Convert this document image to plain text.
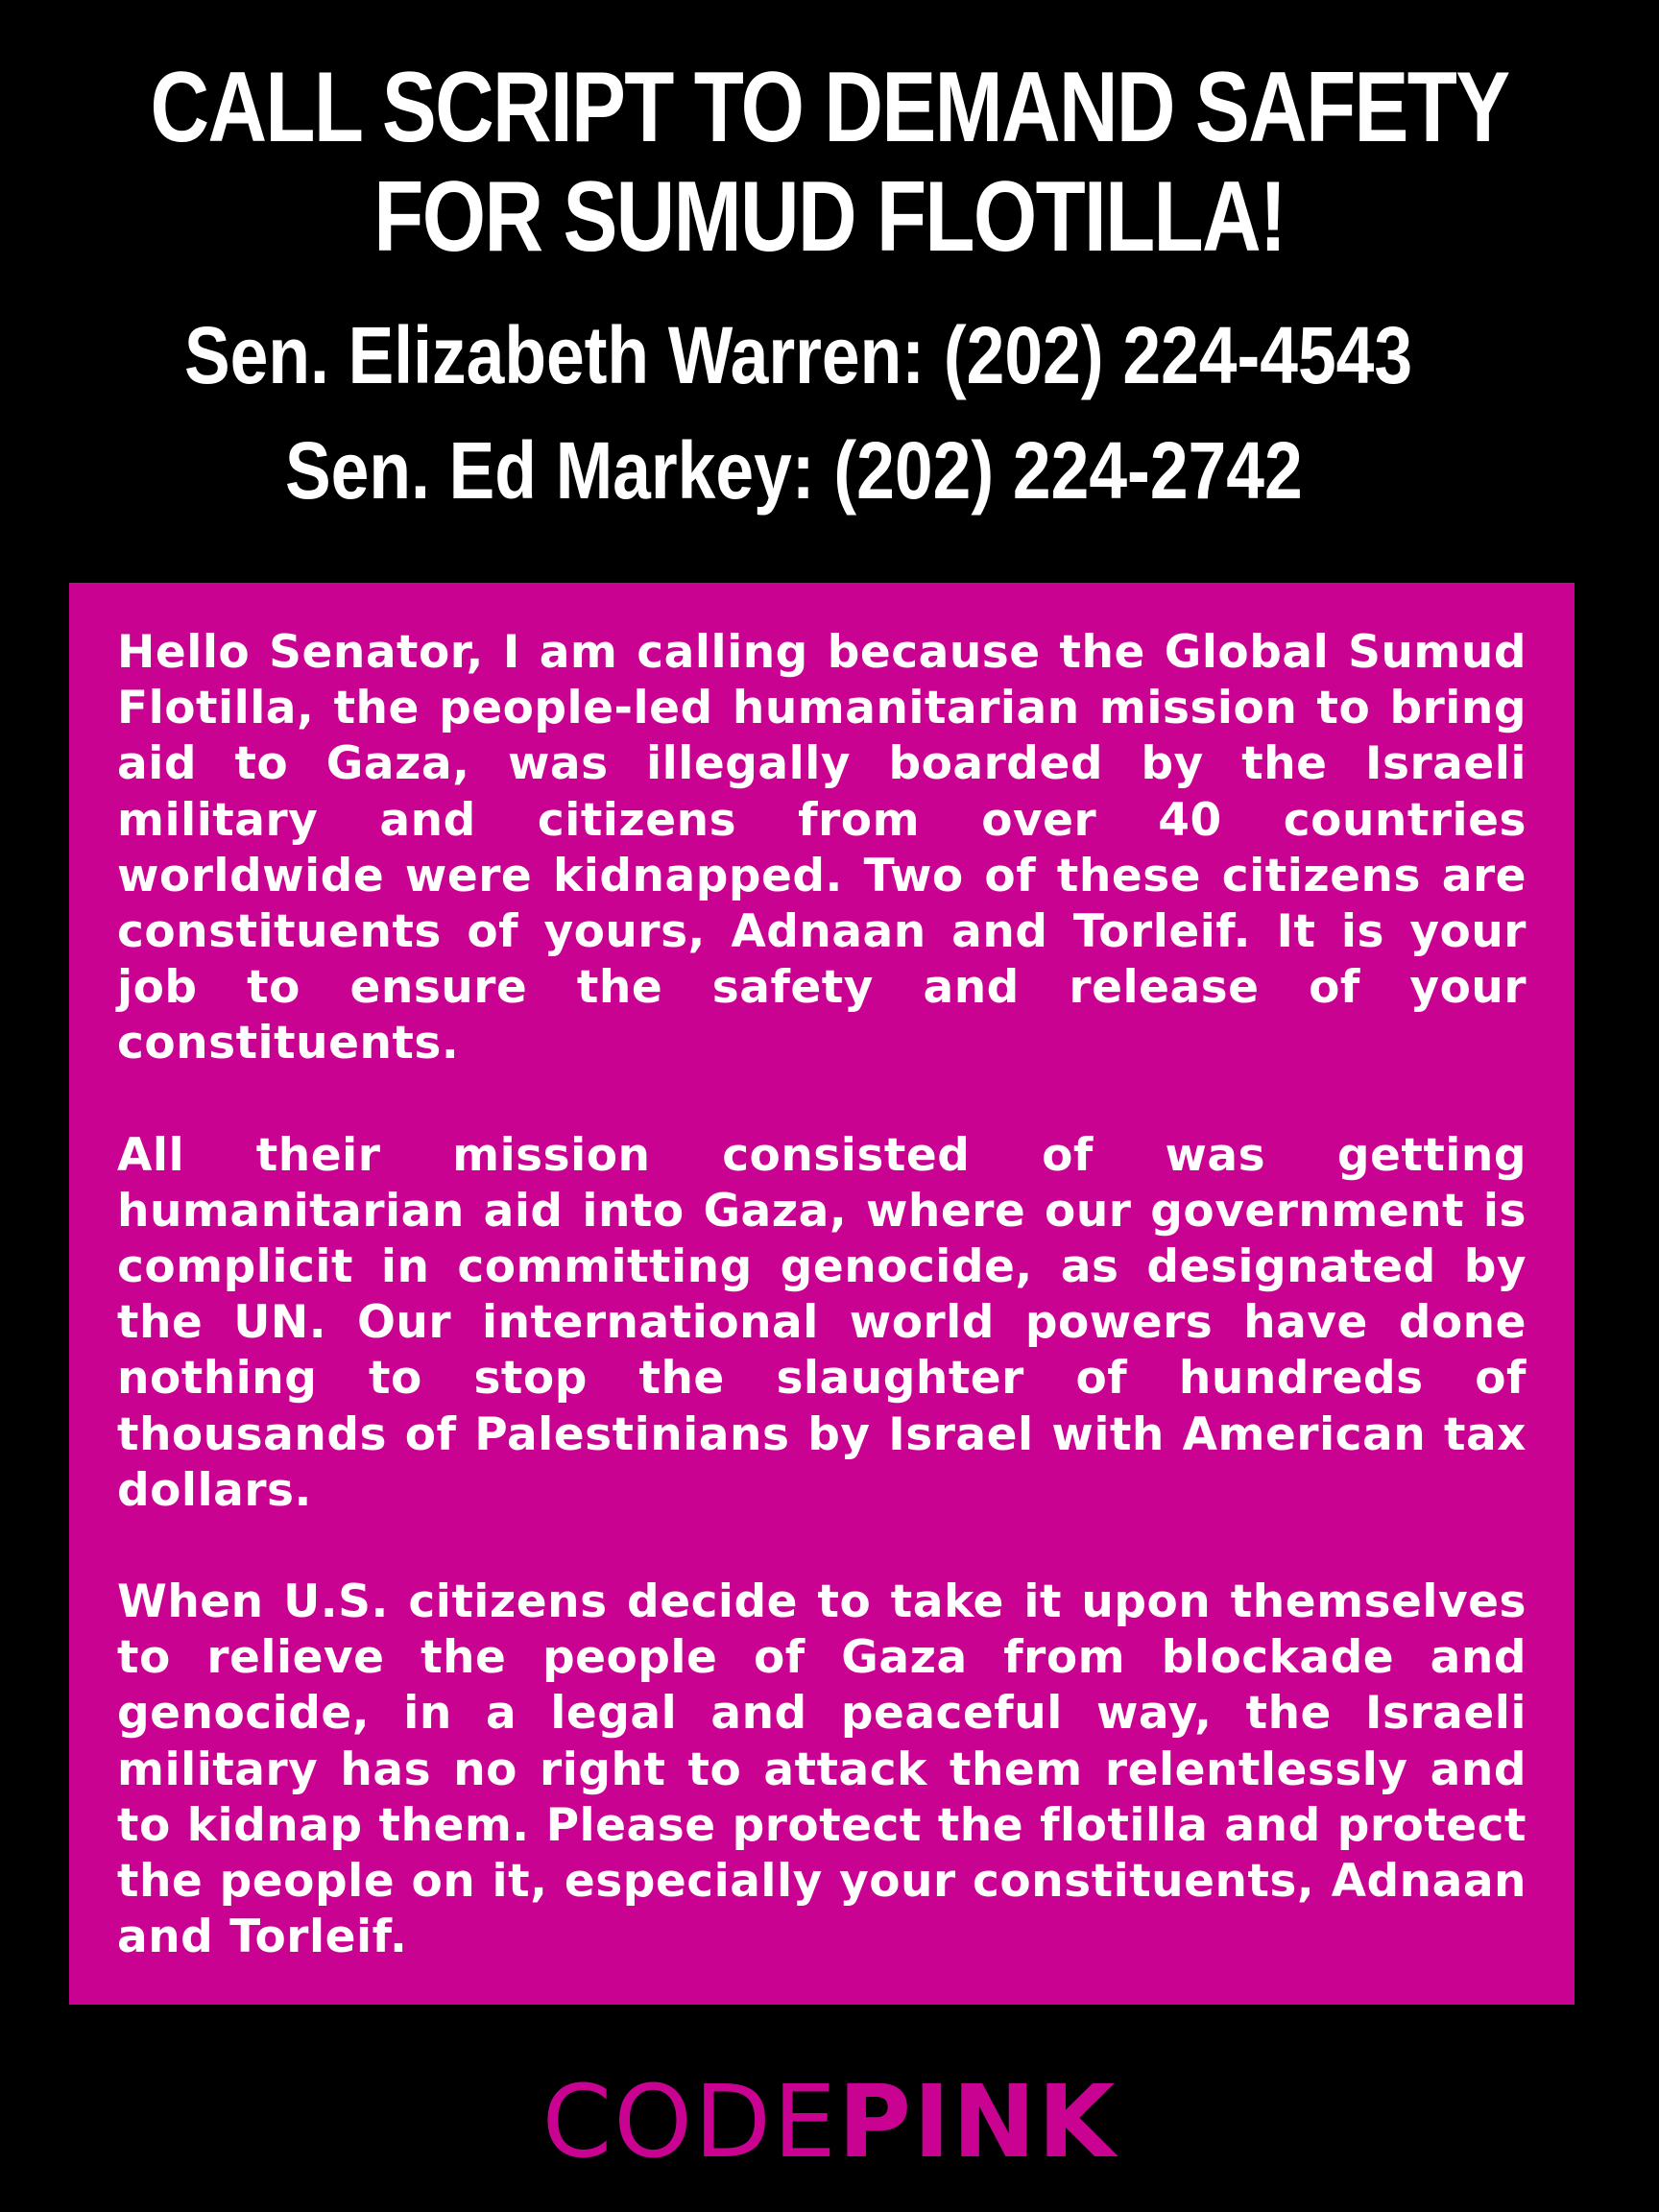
CALL SCRIPT TO DEMAND SAFETY
FOR SUMUD FLOTILLA!
Sen. Elizabeth Warren: (202) 224-4543
Sen. Ed Markey: (202) 224-2742

Hello Senator, I am calling because the Global Sumud Flotilla, the people-led humanitarian mission to bring aid to Gaza, was illegally boarded by the Israeli military and citizens from over 40 countries worldwide were kidnapped. Two of these citizens are constituents of yours, Adnaan and Torleif. It is your job to ensure the safety and release of your constituents.

All their mission consisted of was getting humanitarian aid into Gaza, where our government is complicit in committing genocide, as designated by the UN. Our international world powers have done nothing to stop the slaughter of hundreds of thousands of Palestinians by Israel with American tax dollars.

When U.S. citizens decide to take it upon themselves to relieve the people of Gaza from blockade and genocide, in a legal and peaceful way, the Israeli military has no right to attack them relentlessly and to kidnap them. Please protect the flotilla and protect the people on it, especially your constituents, Adnaan and Torleif.

CODEPINK
